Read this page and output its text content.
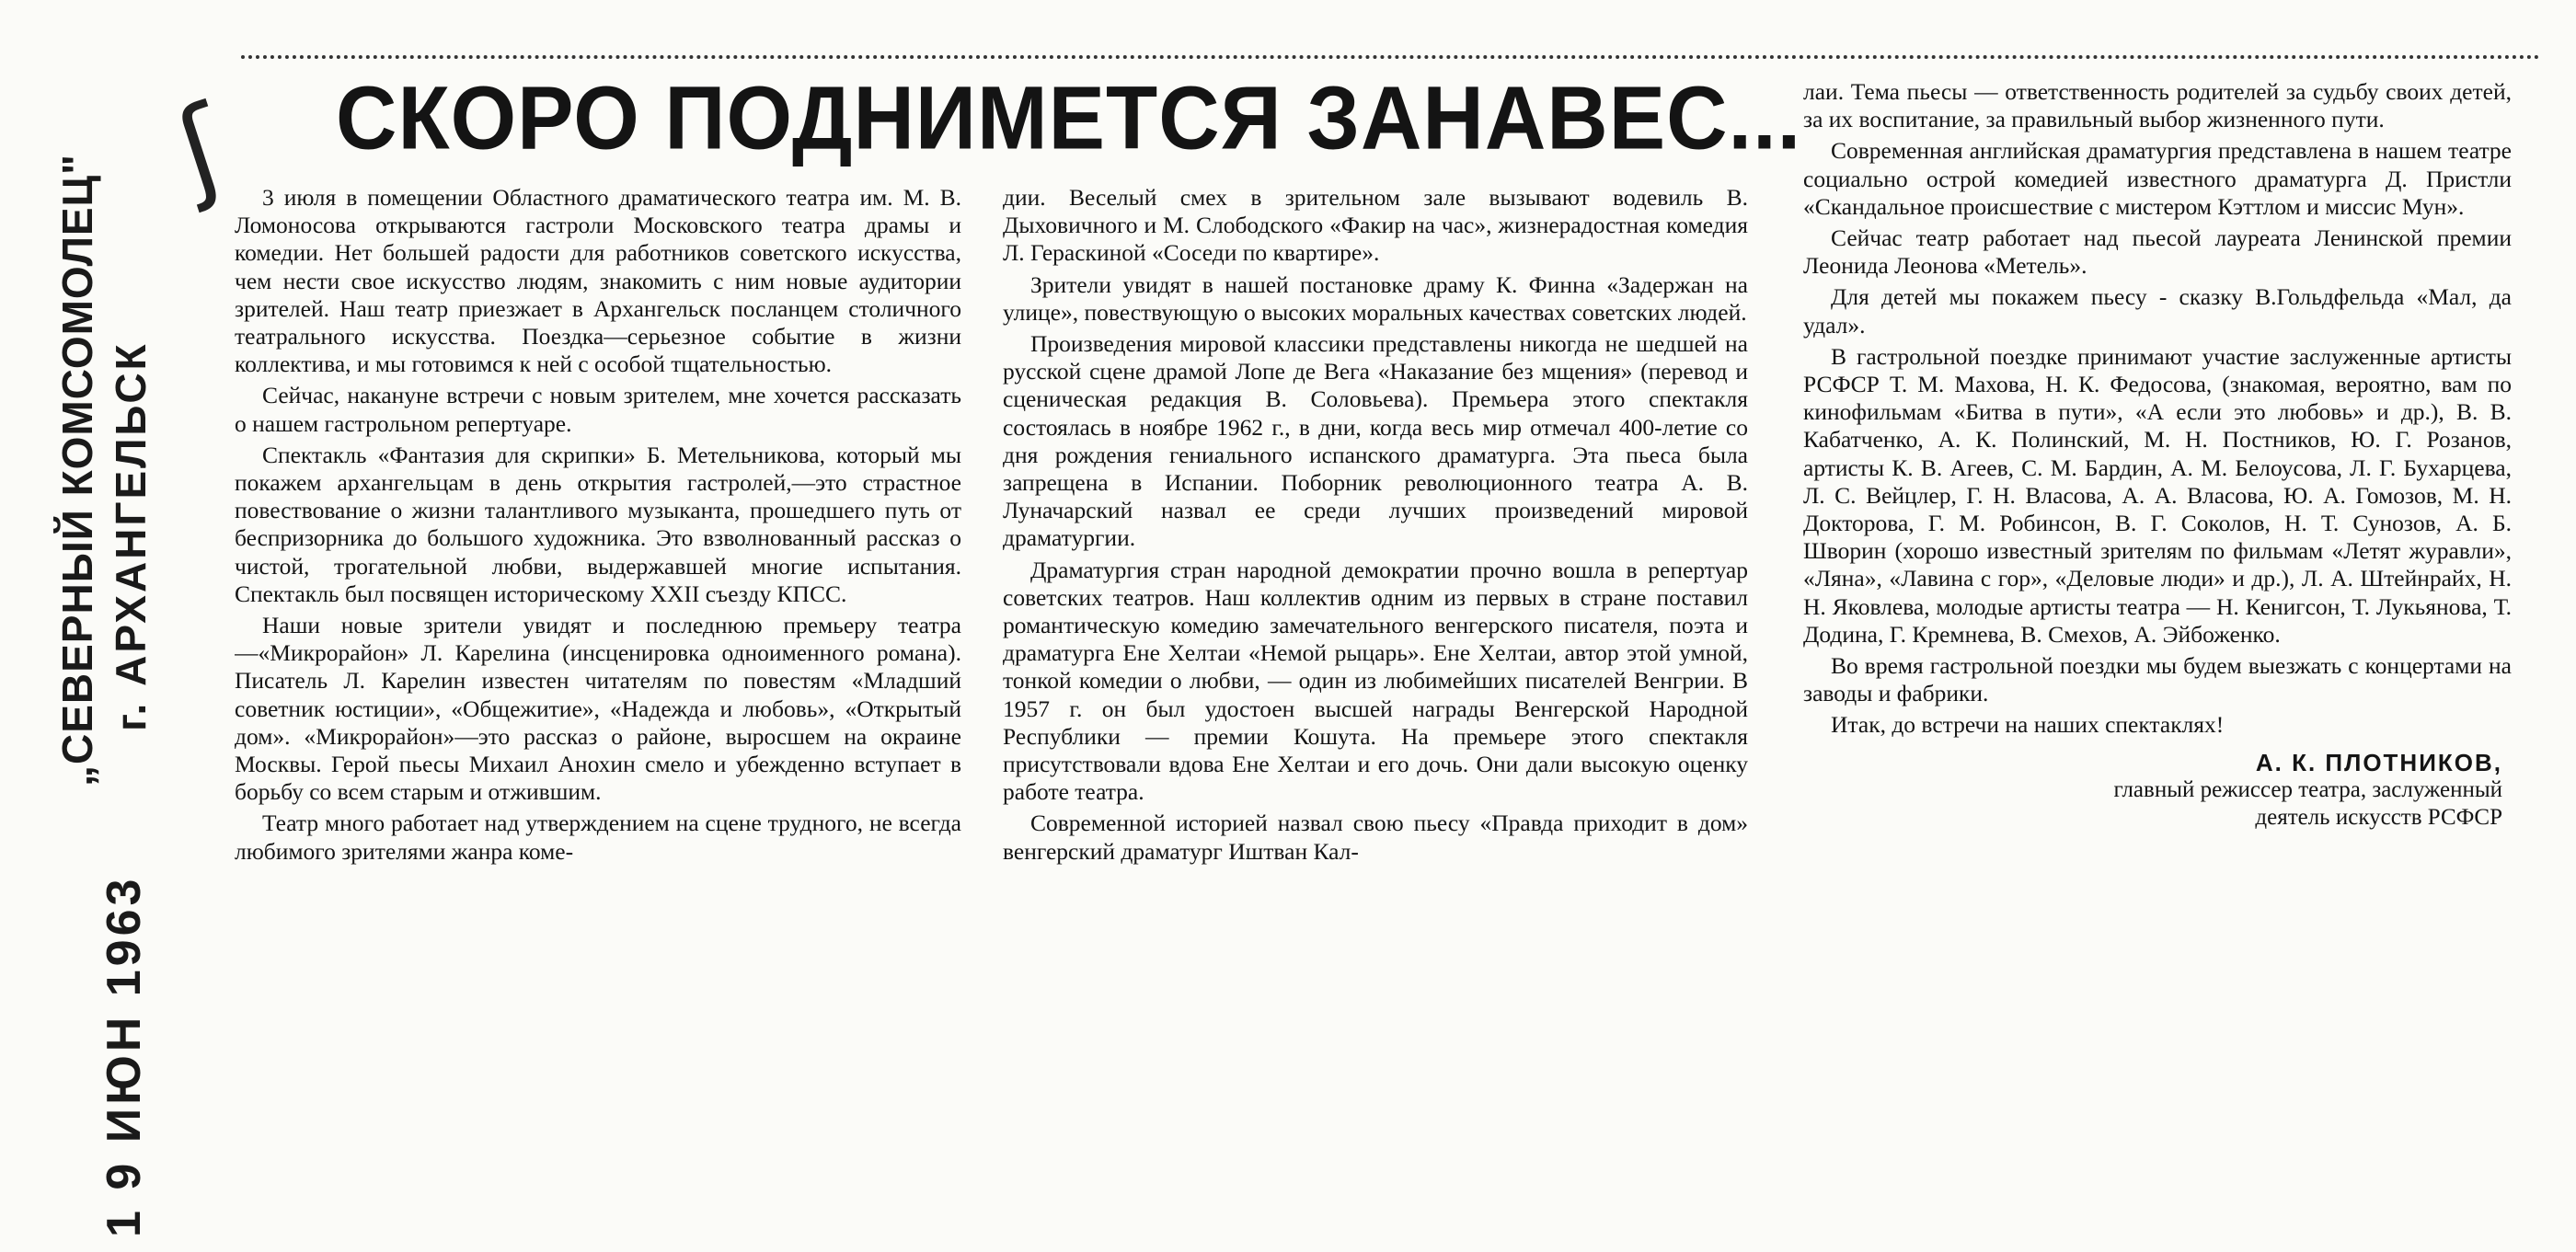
ʃ	СКОРО ПОДНИМЕТСЯ ЗАНАВЕС...
„СЕВЕРНЫЙ КОМСОМОЛЕЦ" г. АРХАНГЕЛЬСК
1 9 ИЮН 1963

3 июля в помещении Областного драматического театра им. М. В. Ломоносова открываются гастроли Московского театра драмы и комедии. Нет большей радости для работников советского искусства, чем нести свое искусство людям, знакомить с ним новые аудитории зрителей. Наш театр приезжает в Архангельск посланцем столичного театрального искусства. Поездка—серьезное событие в жизни коллектива, и мы готовимся к ней с особой тщательностью.

Сейчас, накануне встречи с новым зрителем, мне хочется рассказать о нашем гастрольном репертуаре.

Спектакль «Фантазия для скрипки» Б. Метельникова, который мы покажем архангельцам в день открытия гастролей,—это страстное повествование о жизни талантливого музыканта, прошедшего путь от беспризорника до большого художника. Это взволнованный рассказ о чистой, трогательной любви, выдержавшей многие испытания. Спектакль был посвящен историческому XXII съезду КПСС.

Наши новые зрители увидят и последнюю премьеру театра—«Микрорайон» Л. Карелина (инсценировка одноименного романа). Писатель Л. Карелин известен читателям по повестям «Младший советник юстиции», «Общежитие», «Надежда и любовь», «Открытый дом». «Микрорайон»—это рассказ о районе, выросшем на окраине Москвы. Герой пьесы Михаил Анохин смело и убежденно вступает в борьбу со всем старым и отжившим.

Театр много работает над утверждением на сцене трудного, не всегда любимого зрителями жанра коме-

дии. Веселый смех в зрительном зале вызывают водевиль В. Дыховичного и М. Слободского «Факир на час», жизнерадостная комедия Л. Гераскиной «Соседи по квартире».

Зрители увидят в нашей постановке драму К. Финна «Задержан на улице», повествующую о высоких моральных качествах советских людей.

Произведения мировой классики представлены никогда не шедшей на русской сцене драмой Лопе де Вега «Наказание без мщения» (перевод и сценическая редакция В. Соловьева). Премьера этого спектакля состоялась в ноябре 1962 г., в дни, когда весь мир отмечал 400-летие со дня рождения гениального испанского драматурга. Эта пьеса была запрещена в Испании. Поборник революционного театра А. В. Луначарский назвал ее среди лучших произведений мировой драматургии.

Драматургия стран народной демократии прочно вошла в репертуар советских театров. Наш коллектив одним из первых в стране поставил романтическую комедию замечательного венгерского писателя, поэта и драматурга Ене Хелтаи «Немой рыцарь». Ене Хелтаи, автор этой умной, тонкой комедии о любви, — один из любимейших писателей Венгрии. В 1957 г. он был удостоен высшей награды Венгерской Народной Республики — премии Кошута. На премьере этого спектакля присутствовали вдова Ене Хелтаи и его дочь. Они дали высокую оценку работе театра.

Современной историей назвал свою пьесу «Правда приходит в дом» венгерский драматург Иштван Кал-

лаи. Тема пьесы — ответственность родителей за судьбу своих детей, за их воспитание, за правильный выбор жизненного пути.

Современная английская драматургия представлена в нашем театре социально острой комедией известного драматурга Д. Пристли «Скандальное происшествие с мистером Кэттлом и миссис Мун».

Сейчас театр работает над пьесой лауреата Ленинской премии Леонида Леонова «Метель».

Для детей мы покажем пьесу - сказку В.Гольдфельда «Мал, да удал».

В гастрольной поездке принимают участие заслуженные артисты РСФСР Т. М. Махова, Н. К. Федосова, (знакомая, вероятно, вам по кинофильмам «Битва в пути», «А если это любовь» и др.), В. В. Кабатченко, А. К. Полинский, М. Н. Постников, Ю. Г. Розанов, артисты К. В. Агеев, С. М. Бардин, А. М. Белоусова, Л. Г. Бухарцева, Л. С. Вейцлер, Г. Н. Власова, А. А. Власова, Ю. А. Гомозов, М. Н. Докторова, Г. М. Робинсон, В. Г. Соколов, Н. Т. Сунозов, А. Б. Шворин (хорошо известный зрителям по фильмам «Летят журавли», «Ляна», «Лавина с гор», «Деловые люди» и др.), Л. А. Штейнрайх, Н. Н. Яковлева, молодые артисты театра — Н. Кенигсон, Т. Лукьянова, Т. Додина, Г. Кремнева, В. Смехов, А. Эйбоженко.

Во время гастрольной поездки мы будем выезжать с концертами на заводы и фабрики.

Итак, до встречи на наших спектаклях!

А. К. ПЛОТНИКОВ,
главный режиссер театра, заслуженный
деятель искусств РСФСР
